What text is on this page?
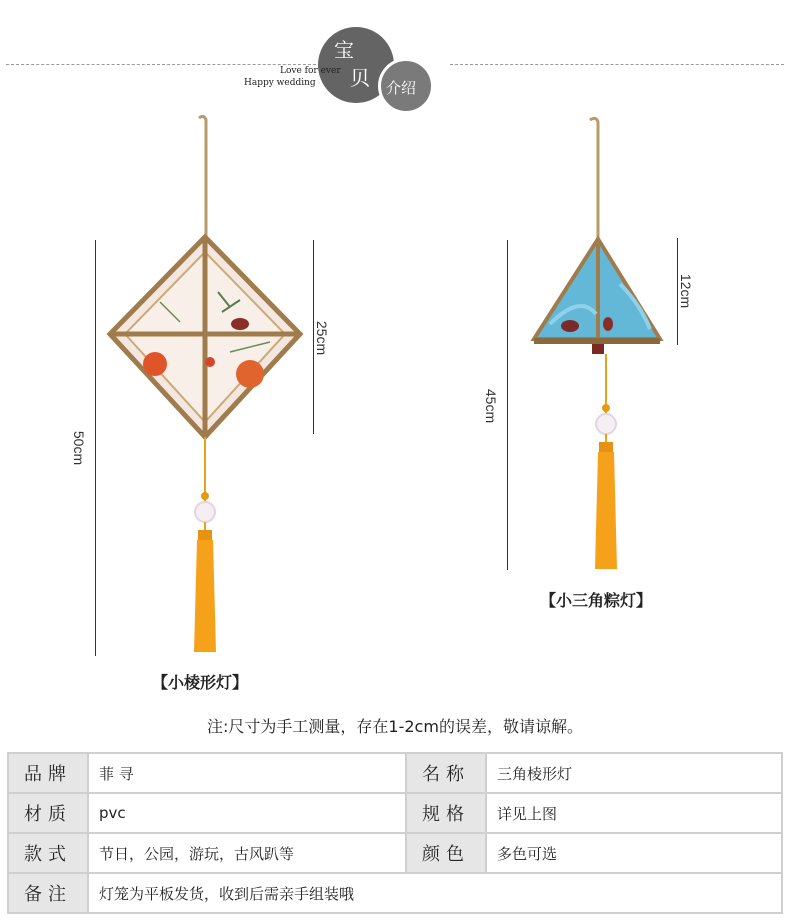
宝
贝 介绍
Love for ever
Happy wedding
50cm
25cm
【小棱形灯】
45cm
12cm
【小三角粽灯】
注:尺寸为手工测量，存在1-2cm的误差，敬请谅解。
品牌	菲 寻	名称	三角棱形灯
材质	pvc	规格	详见上图
款式	节日，公园，游玩，古风趴等	颜色	多色可选
备注	灯笼为平板发货，收到后需亲手组装哦		
